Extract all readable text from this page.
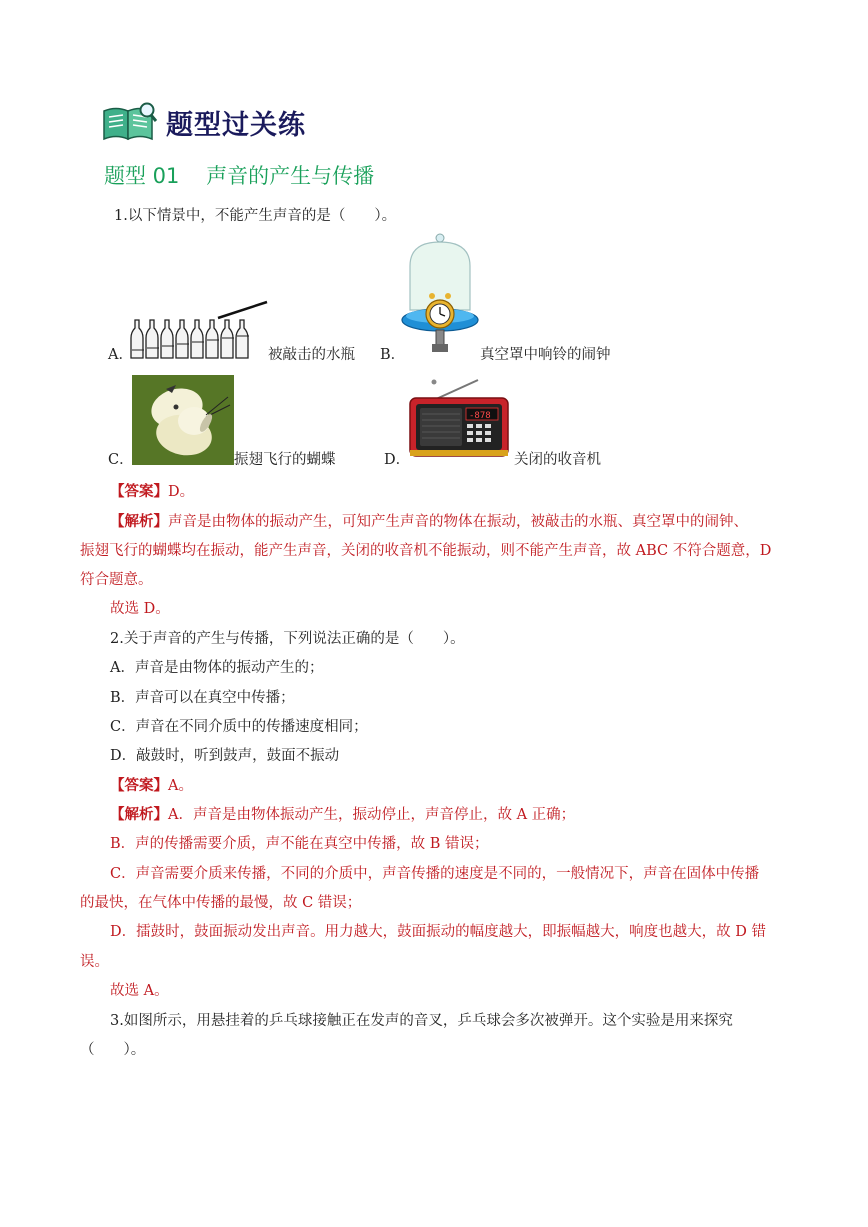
题型过关练
题型 01    声音的产生与传播
1.以下情景中，不能产生声音的是（　　）。
A．	被敲击的水瓶 B．	真空罩中响铃的闹钟
C．	振翅飞行的蝴蝶
-878
D．	关闭的收音机
【答案】D。
【解析】声音是由物体的振动产生，可知产生声音的物体在振动，被敲击的水瓶、真空罩中的闹钟、
振翅飞行的蝴蝶均在振动，能产生声音，关闭的收音机不能振动，则不能产生声音，故 ABC 不符合题意，D
符合题意。
故选 D。
2.关于声音的产生与传播，下列说法正确的是（　　）。
A．声音是由物体的振动产生的；
B．声音可以在真空中传播；
C．声音在不同介质中的传播速度相同；
D．敲鼓时，听到鼓声，鼓面不振动
【答案】A。
【解析】A．声音是由物体振动产生，振动停止，声音停止，故 A 正确；
B．声的传播需要介质，声不能在真空中传播，故 B 错误；
C．声音需要介质来传播，不同的介质中，声音传播的速度是不同的，一般情况下，声音在固体中传播
的最快，在气体中传播的最慢，故 C 错误；
D．擂鼓时，鼓面振动发出声音。用力越大，鼓面振动的幅度越大，即振幅越大，响度也越大，故 D 错
误。
故选 A。
3.如图所示，用悬挂着的乒乓球接触正在发声的音叉，乒乓球会多次被弹开。这个实验是用来探究
（　　）。
